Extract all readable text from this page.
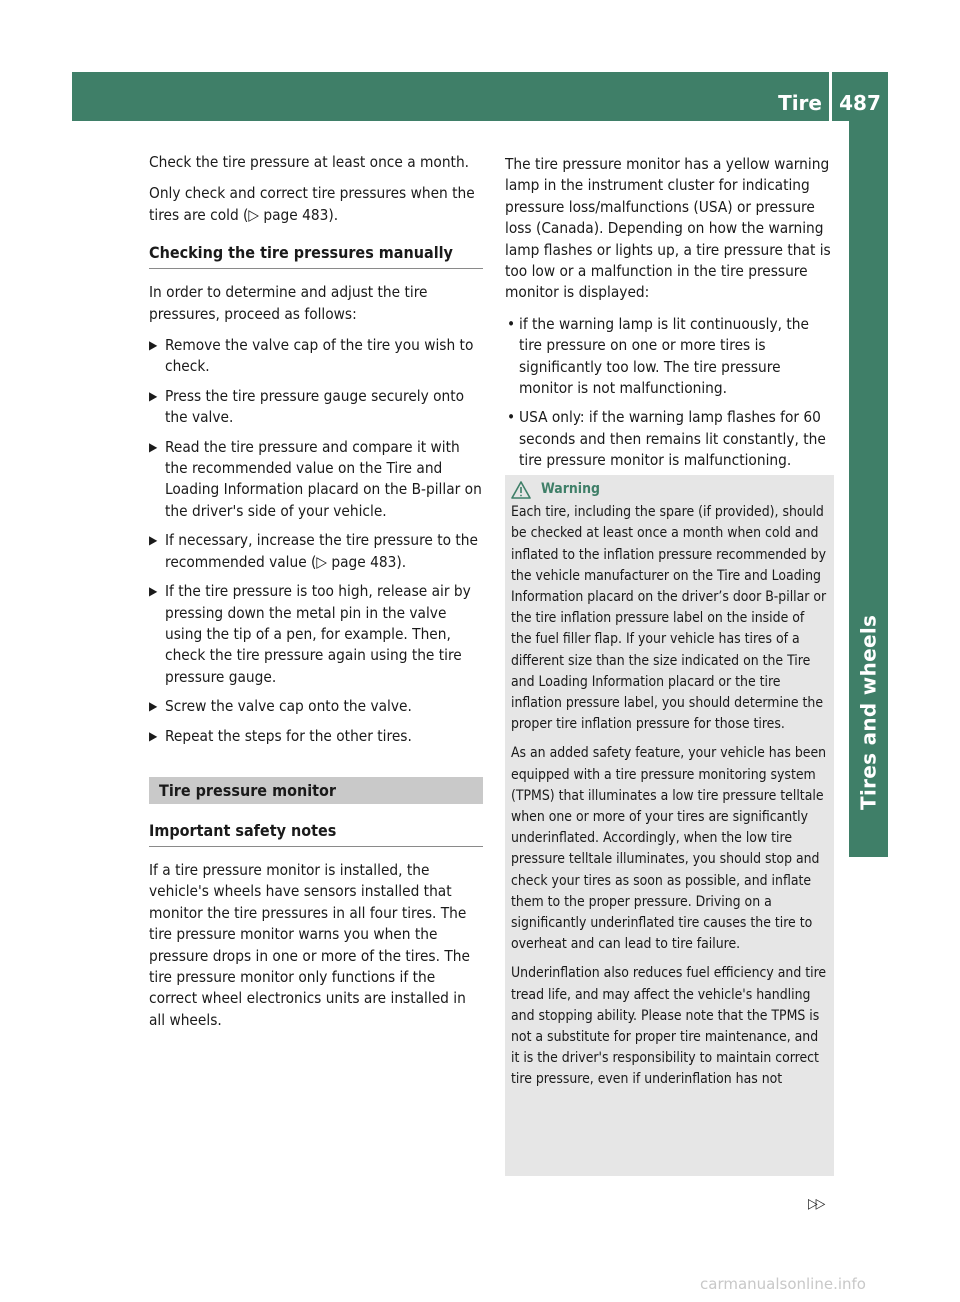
Tire pressure
487
Tires and wheels

Check the tire pressure at least once a month.

Only check and correct tire pressures when the tires are cold (▷ page 483).

Checking the tire pressures manually

In order to determine and adjust the tire pressures, proceed as follows:

▶ Remove the valve cap of the tire you wish to check.
▶ Press the tire pressure gauge securely onto the valve.
▶ Read the tire pressure and compare it with the recommended value on the Tire and Loading Information placard on the B-pillar on the driver's side of your vehicle.
▶ If necessary, increase the tire pressure to the recommended value (▷ page 483).
▶ If the tire pressure is too high, release air by pressing down the metal pin in the valve using the tip of a pen, for example. Then, check the tire pressure again using the tire pressure gauge.
▶ Screw the valve cap onto the valve.
▶ Repeat the steps for the other tires.
Tire pressure monitor
Important safety notes

If a tire pressure monitor is installed, the vehicle's wheels have sensors installed that monitor the tire pressures in all four tires. The tire pressure monitor warns you when the pressure drops in one or more of the tires. The tire pressure monitor only functions if the correct wheel electronics units are installed in all wheels.

The tire pressure monitor has a yellow warning lamp in the instrument cluster for indicating pressure loss/malfunctions (USA) or pressure loss (Canada). Depending on how the warning lamp flashes or lights up, a tire pressure that is too low or a malfunction in the tire pressure monitor is displayed:

• if the warning lamp is lit continuously, the tire pressure on one or more tires is significantly too low. The tire pressure monitor is not malfunctioning.
• USA only: if the warning lamp flashes for 60 seconds and then remains lit constantly, the tire pressure monitor is malfunctioning.
Warning

Each tire, including the spare (if provided), should be checked at least once a month when cold and inflated to the inflation pressure recommended by the vehicle manufacturer on the Tire and Loading Information placard on the driver’s door B-pillar or the tire inflation pressure label on the inside of the fuel filler flap. If your vehicle has tires of a different size than the size indicated on the Tire and Loading Information placard or the tire inflation pressure label, you should determine the proper tire inflation pressure for those tires.

As an added safety feature, your vehicle has been equipped with a tire pressure monitoring system (TPMS) that illuminates a low tire pressure telltale when one or more of your tires are significantly underinflated. Accordingly, when the low tire pressure telltale illuminates, you should stop and check your tires as soon as possible, and inflate them to the proper pressure. Driving on a significantly underinflated tire causes the tire to overheat and can lead to tire failure.

Underinflation also reduces fuel efficiency and tire tread life, and may affect the vehicle's handling and stopping ability. Please note that the TPMS is not a substitute for proper tire maintenance, and it is the driver's responsibility to maintain correct tire pressure, even if underinflation has not

▷▷
carmanualsonline.info
